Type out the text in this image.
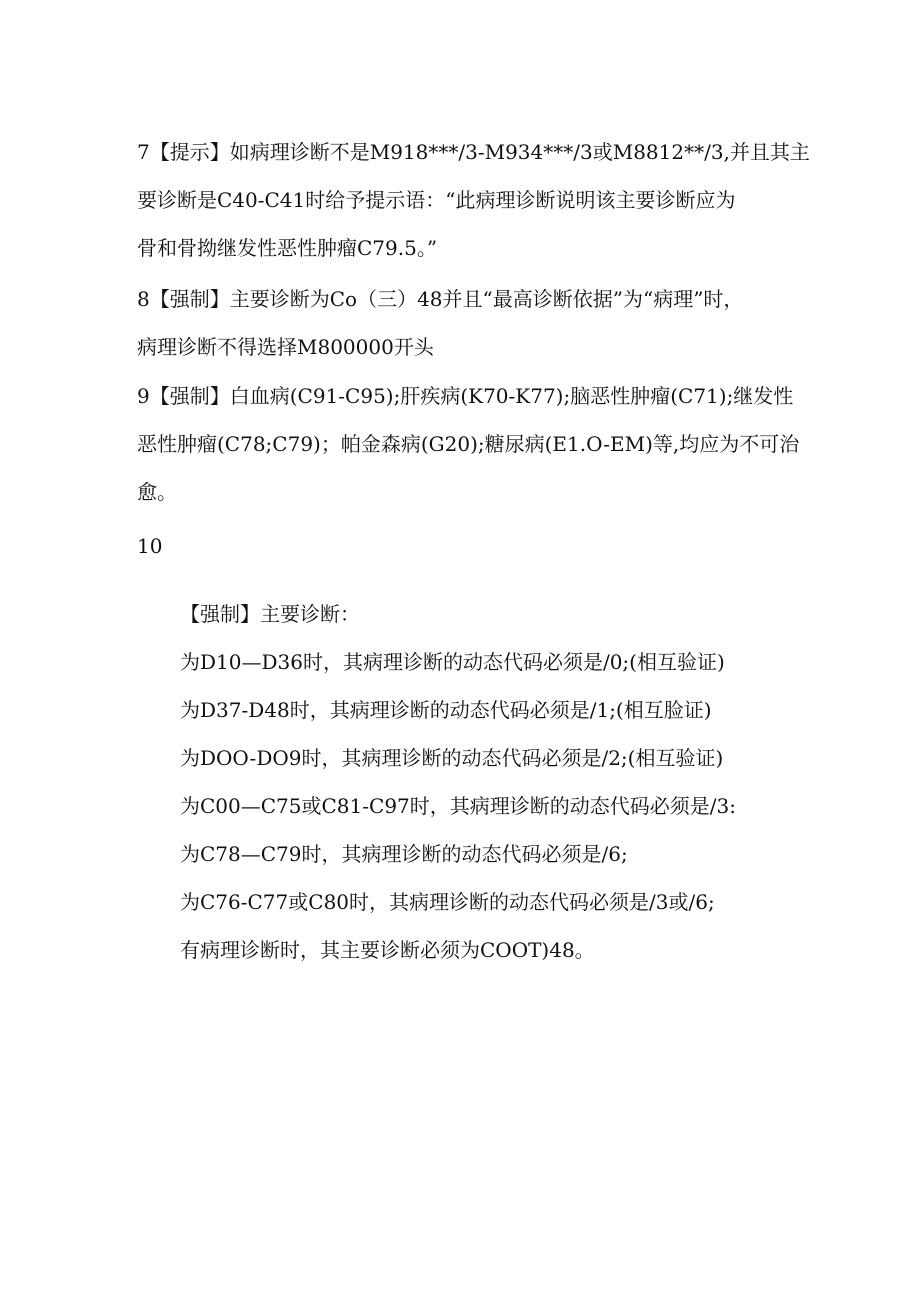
7【提示】如病理诊断不是M918***/3-M934***/3或M8812**/3,并且其主
要诊断是C40-C41时给予提示语：“此病理诊断说明该主要诊断应为
骨和骨拗继发性恶性肿瘤C79.5。”

8【强制】主要诊断为Co（三）48并且“最高诊断依据”为“病理”时，
病理诊断不得选择M800000开头

9【强制】白血病(C91-C95);肝疾病(K70-K77);脑恶性肿瘤(C71);继发性
恶性肿瘤(C78;C79)；帕金森病(G20);糖尿病(E1.O-EM)等,均应为不可治
愈。

10

【强制】主要诊断：
为D10—D36时，其病理诊断的动态代码必须是/0;(相互验证)
为D37-D48时，其病理诊断的动态代码必须是/1;(相互脸证)
为DOO-DO9时，其病理诊断的动态代码必须是/2;(相互验证)
为C00—C75或C81-C97时，其病理诊断的动态代码必须是/3:
为C78—C79时，其病理诊断的动态代码必须是/6;
为C76-C77或C80时，其病理诊断的动态代码必须是/3或/6;
有病理诊断时，其主要诊断必须为COOT)48。
